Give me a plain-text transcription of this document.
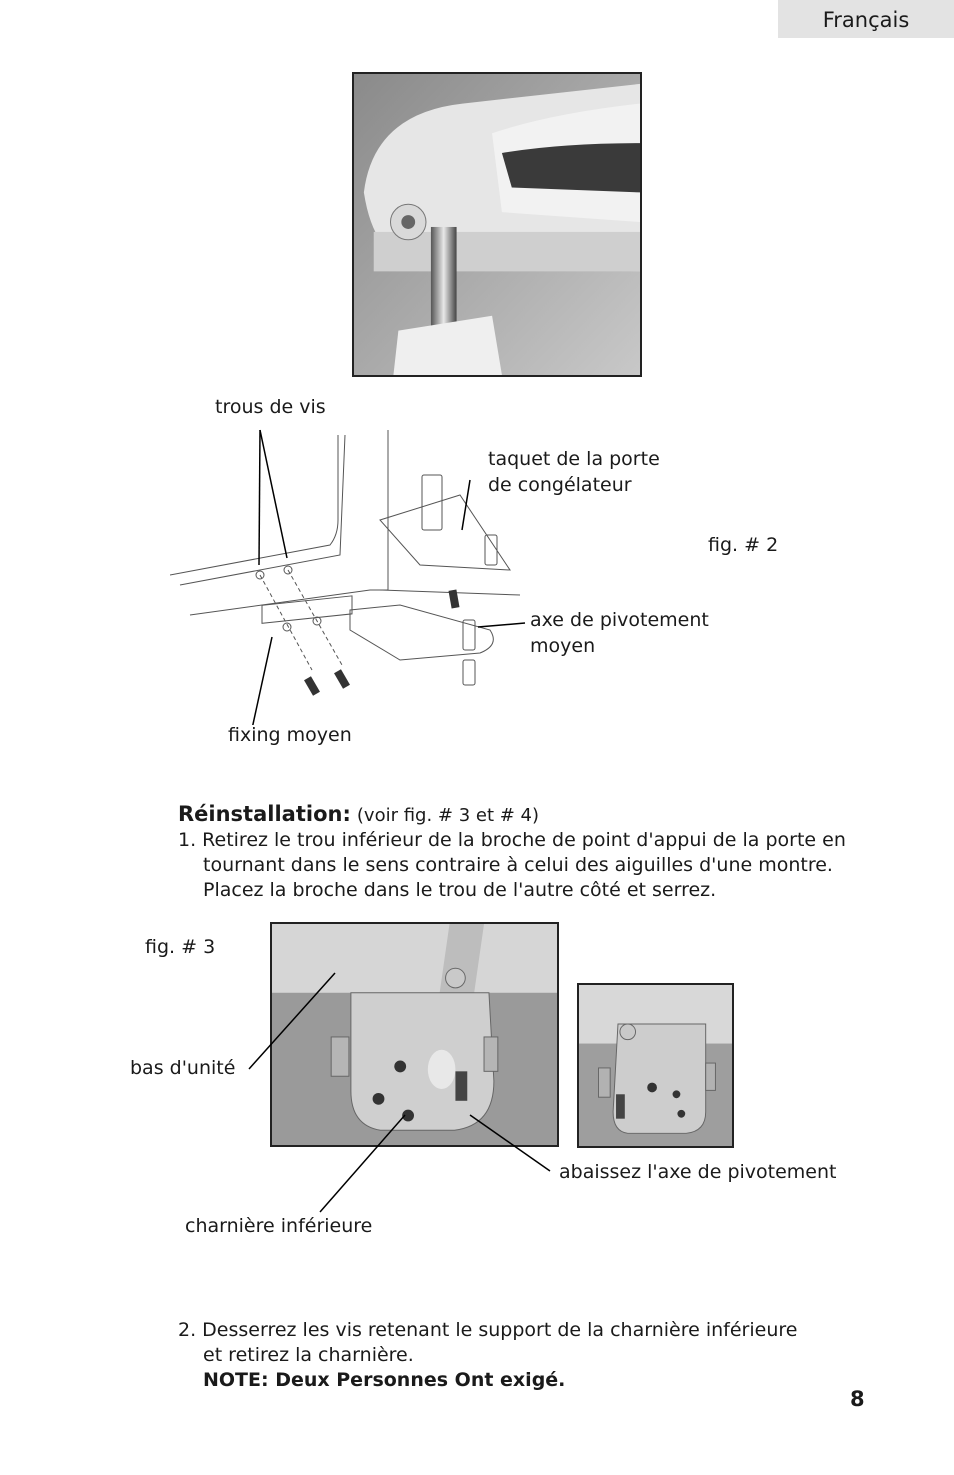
Français
trous de vis
taquet de la porte
de congélateur
fig. # 2
axe de pivotement
moyen
fixing moyen
Réinstallation: (voir fig. # 3 et # 4)
1. Retirez le trou inférieur de la broche de point d'appui de la porte en
tournant dans le sens contraire à celui des aiguilles d'une montre.
Placez la broche dans le trou de l'autre côté et serrez.
fig. # 3
bas d'unité
abaissez l'axe de pivotement
charnière inférieure
2. Desserrez les vis retenant le support de la charnière inférieure
et retirez la charnière.
NOTE: Deux Personnes Ont exigé.
8
